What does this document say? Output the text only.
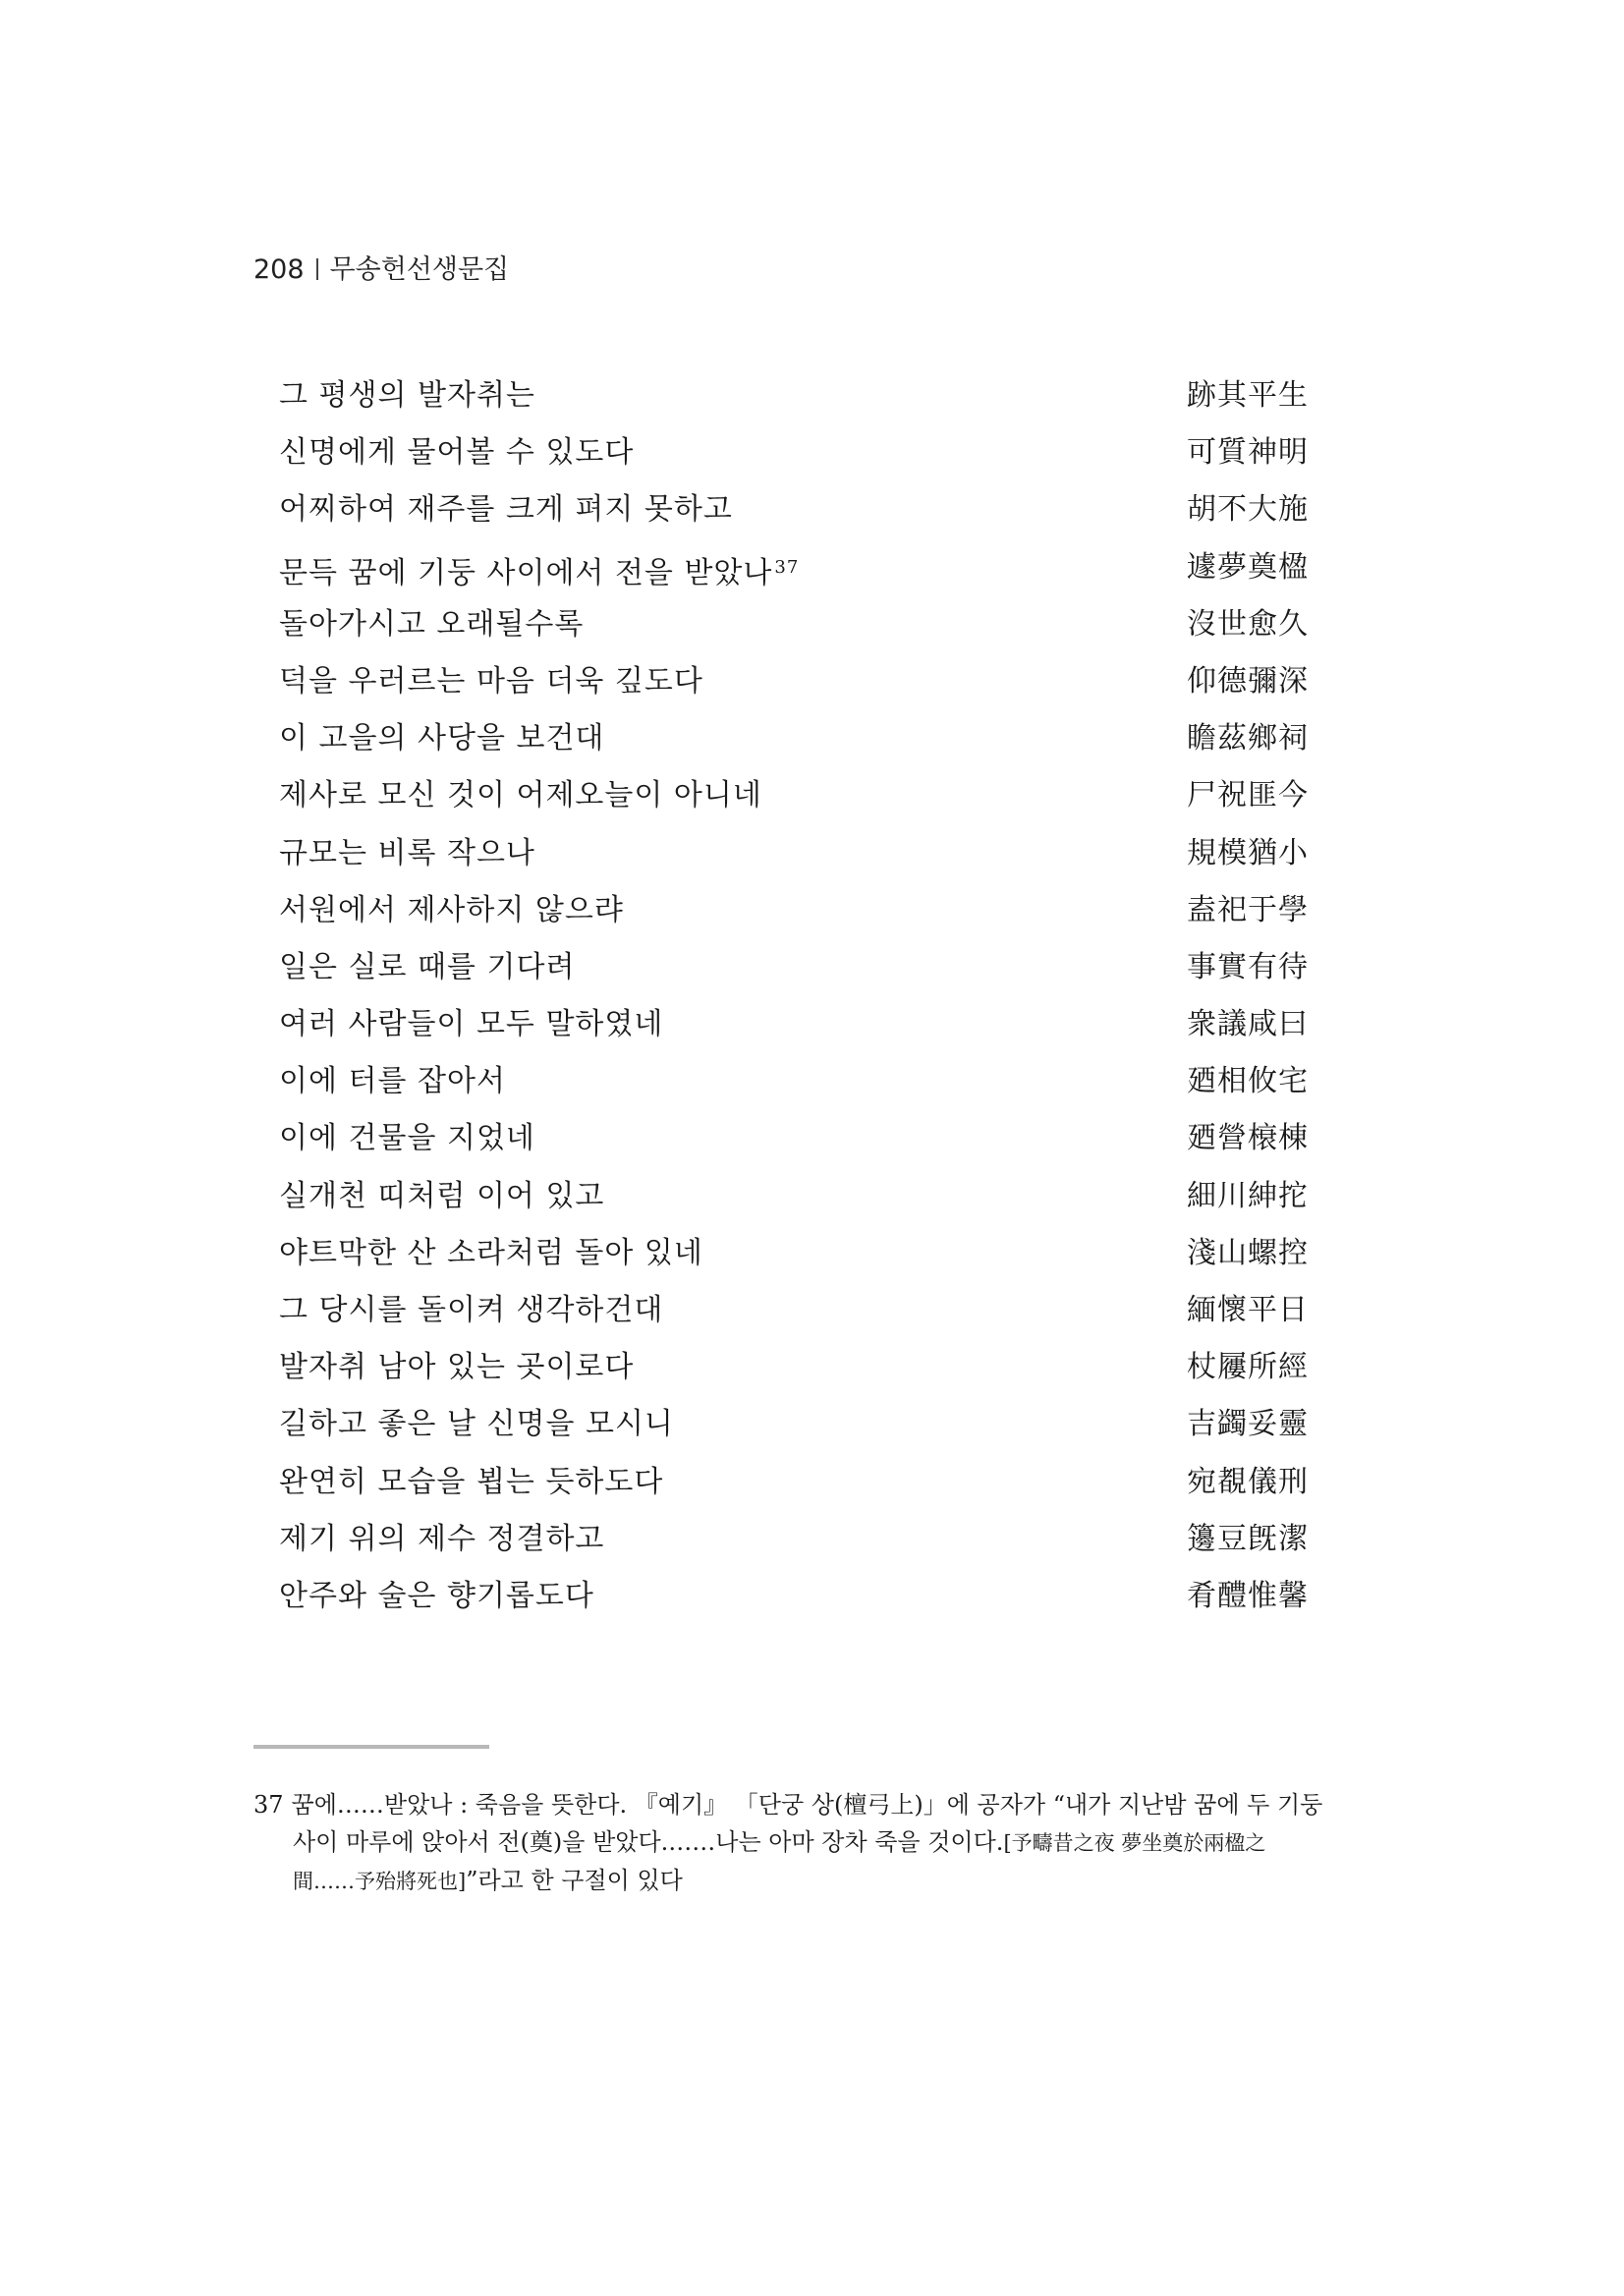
208 무송헌선생문집
그 평생의 발자취는	跡其平生
신명에게 물어볼 수 있도다	可質神明
어찌하여 재주를 크게 펴지 못하고	胡不大施
문득 꿈에 기둥 사이에서 전을 받았나 $^{37}$	遽夢奠楹
돌아가시고 오래될수록	沒世愈久
덕을 우러르는 마음 더욱 깊도다	仰德彌深
이 고을의 사당을 보건대	瞻茲鄉祠
제사로 모신 것이 어제오늘이 아니네	尸祝匪今
규모는 비록 작으나	規模猶小
서원에서 제사하지 않으랴	盍祀于學
일은 실로 때를 기다려	事實有待
여러 사람들이 모두 말하였네	衆議咸曰
이에 터를 잡아서	廼相攸宅
이에 건물을 지었네	廼營榱棟
실개천 띠처럼 이어 있고	細川紳拕
야트막한 산 소라처럼 돌아 있네	淺山螺控
그 당시를 돌이켜 생각하건대	緬懷平日
발자취 남아 있는 곳이로다	杖屨所經
길하고 좋은 날 신명을 모시니	吉蠲妥靈
완연히 모습을 뵙는 듯하도다	宛覩儀刑
제기 위의 제수 정결하고	籩豆旣潔
안주와 술은 향기롭도다	肴醴惟馨
37 꿈에……받았나 : 죽음을 뜻한다. 『예기』 「단궁 상(檀弓上)」에 공자가 “내가 지난밤 꿈에 두 기둥
사이 마루에 앉아서 전(奠)을 받았다.……나는 아마 장차 죽을 것이다.[予疇昔之夜 夢坐奠於兩楹之
間……予殆將死也]”라고 한 구절이 있다
